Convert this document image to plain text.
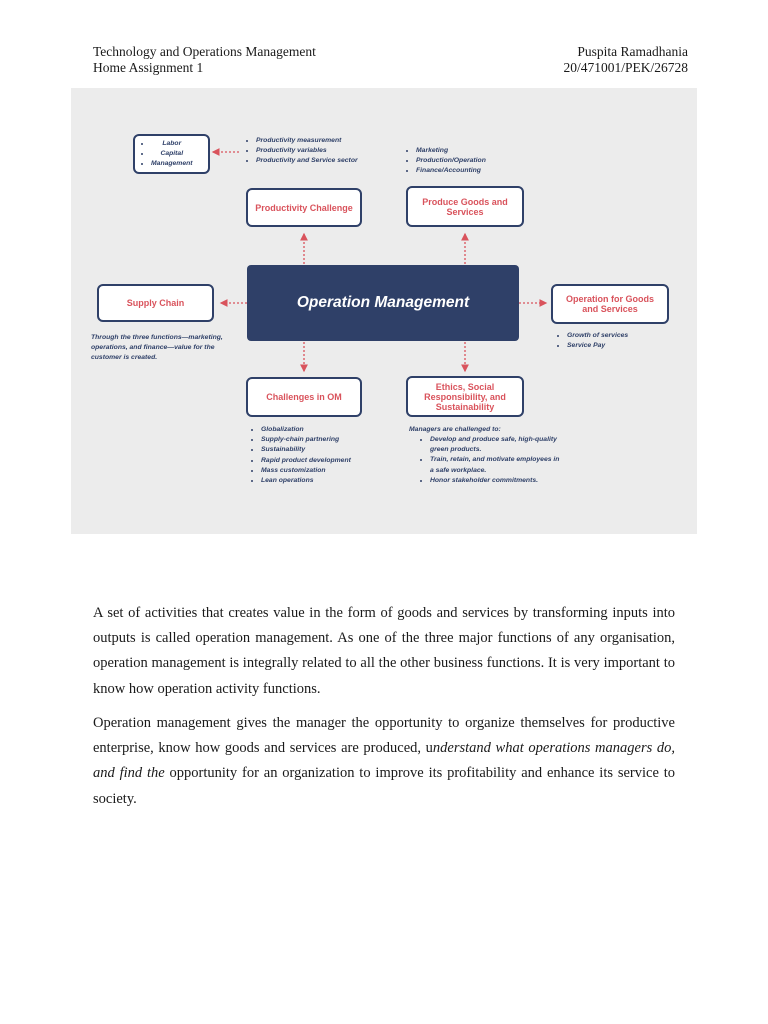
Technology and Operations Management
Home Assignment 1
Puspita Ramadhania
20/471001/PEK/26728
• Labor
• Capital
• Management
• Productivity measurement
• Productivity variables
• Productivity and Service sector
• Marketing
• Production/Operation
• Finance/Accounting
Productivity Challenge
Produce Goods and Services
Operation Management
Supply Chain
Through the three functions—marketing, operations, and finance—value for the customer is created.
Operation for Goods and Services
• Growth of services
• Service Pay
Challenges in OM
• Globalization
• Supply-chain partnering
• Sustainability
• Rapid product development
• Mass customization
• Lean operations
Ethics, Social Responsibility, and Sustainability
Managers are challenged to:
• Develop and produce safe, high-quality green products.
• Train, retain, and motivate employees in a safe workplace.
• Honor stakeholder commitments.

A set of activities that creates value in the form of goods and services by transforming inputs into outputs is called operation management. As one of the three major functions of any organisation, operation management is integrally related to all the other business functions. It is very important to know how operation activity functions.

Operation management gives the manager the opportunity to organize themselves for productive enterprise, know how goods and services are produced, understand what operations managers do, and find the opportunity for an organization to improve its profitability and enhance its service to society.
